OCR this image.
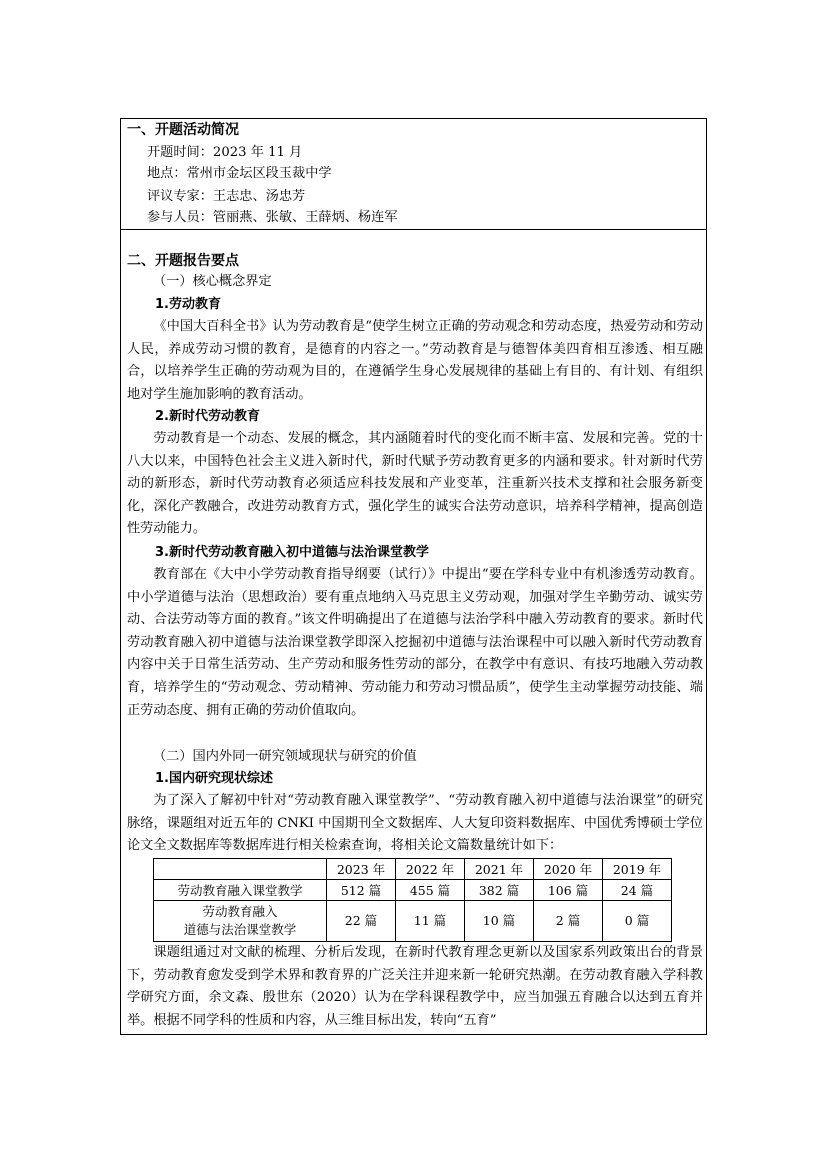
一、开题活动简况
开题时间：2023 年 11 月
地点：常州市金坛区段玉裁中学
评议专家：王志忠、汤忠芳
参与人员：管丽燕、张敏、王薛炳、杨连军
二、开题报告要点
（一）核心概念界定
1.劳动教育
《中国大百科全书》认为劳动教育是“使学生树立正确的劳动观念和劳动态度，热爱劳动和劳动人民，养成劳动习惯的教育，是德育的内容之一。”劳动教育是与德智体美四育相互渗透、相互融合，以培养学生正确的劳动观为目的，在遵循学生身心发展规律的基础上有目的、有计划、有组织地对学生施加影响的教育活动。
2.新时代劳动教育
劳动教育是一个动态、发展的概念，其内涵随着时代的变化而不断丰富、发展和完善。党的十八大以来，中国特色社会主义进入新时代，新时代赋予劳动教育更多的内涵和要求。针对新时代劳动的新形态，新时代劳动教育必须适应科技发展和产业变革，注重新兴技术支撑和社会服务新变化，深化产教融合，改进劳动教育方式，强化学生的诚实合法劳动意识，培养科学精神，提高创造性劳动能力。
3.新时代劳动教育融入初中道德与法治课堂教学
教育部在《大中小学劳动教育指导纲要（试行）》中提出“要在学科专业中有机渗透劳动教育。中小学道德与法治（思想政治）要有重点地纳入马克思主义劳动观，加强对学生辛勤劳动、诚实劳动、合法劳动等方面的教育。”该文件明确提出了在道德与法治学科中融入劳动教育的要求。新时代劳动教育融入初中道德与法治课堂教学即深入挖掘初中道德与法治课程中可以融入新时代劳动教育内容中关于日常生活劳动、生产劳动和服务性劳动的部分，在教学中有意识、有技巧地融入劳动教育，培养学生的“劳动观念、劳动精神、劳动能力和劳动习惯品质”，使学生主动掌握劳动技能、端正劳动态度、拥有正确的劳动价值取向。
（二）国内外同一研究领域现状与研究的价值
1.国内研究现状综述
为了深入了解初中针对“劳动教育融入课堂教学”、“劳动教育融入初中道德与法治课堂”的研究脉络，课题组对近五年的 CNKI 中国期刊全文数据库、人大复印资料数据库、中国优秀博硕士学位论文全文数据库等数据库进行相关检索查询，将相关论文篇数量统计如下：
	2023 年	2022 年	2021 年	2020 年	2019 年
劳动教育融入课堂教学	512 篇	455 篇	382 篇	106 篇	24 篇

劳动教育融入
道德与法治课堂教学	22 篇	11 篇	10 篇	2 篇	0 篇
课题组通过对文献的梳理、分析后发现，在新时代教育理念更新以及国家系列政策出台的背景下，劳动教育愈发受到学术界和教育界的广泛关注并迎来新一轮研究热潮。在劳动教育融入学科教学研究方面，余文森、殷世东（2020）认为在学科课程教学中，应当加强五育融合以达到五育并举。根据不同学科的性质和内容，从三维目标出发，转向“五育”
